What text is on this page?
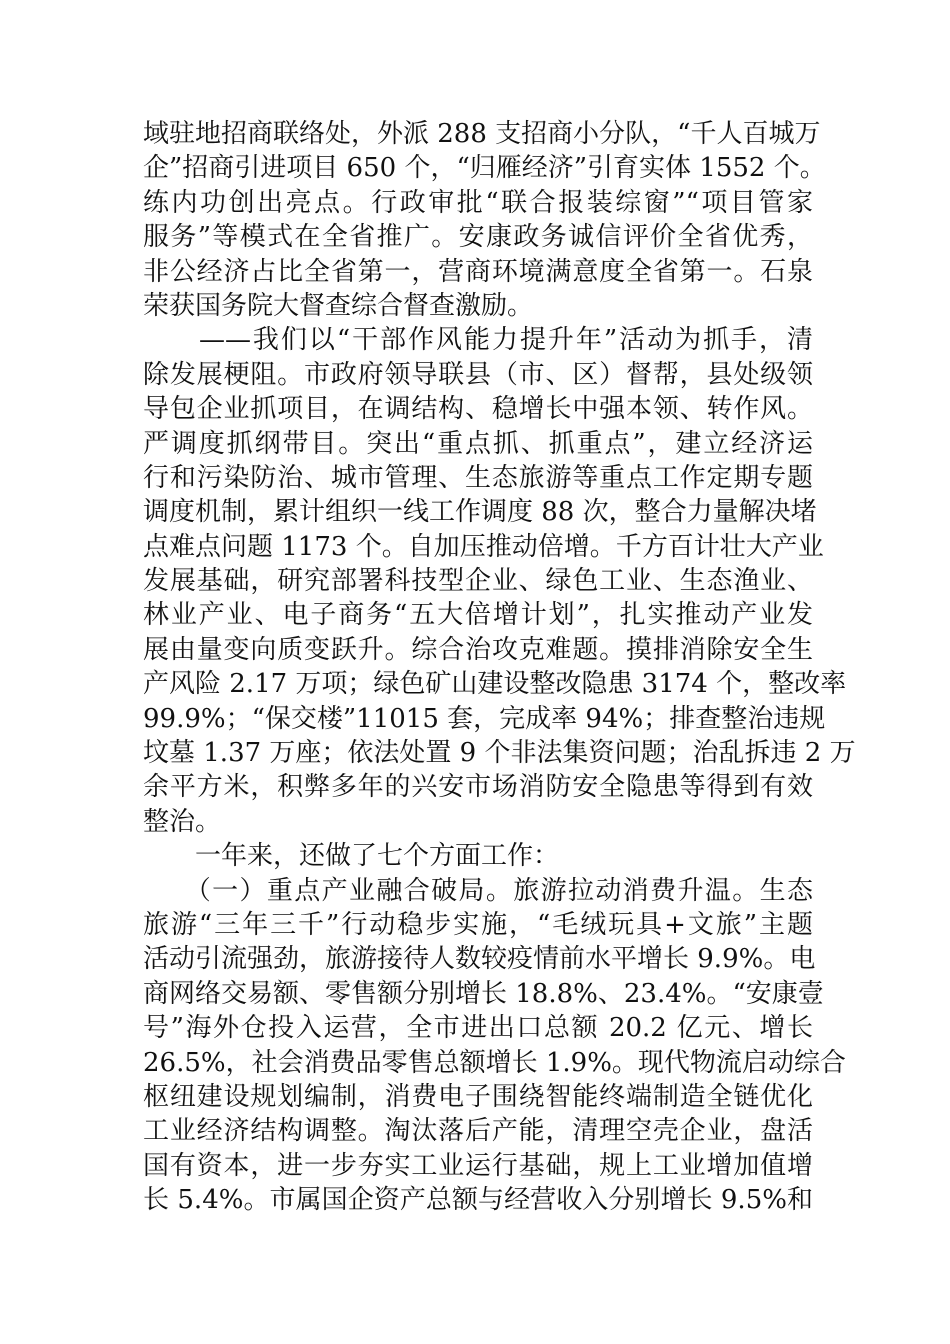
域驻地招商联络处，外派 288 支招商小分队，“千人百城万
企”招商引进项目 650 个，“归雁经济”引育实体 1552 个。
练内功创出亮点。行政审批“联合报装综窗”“项目管家
服务”等模式在全省推广。安康政务诚信评价全省优秀，
非公经济占比全省第一，营商环境满意度全省第一。石泉
荣获国务院大督查综合督查激励。
　　——我们以“干部作风能力提升年”活动为抓手，清
除发展梗阻。市政府领导联县（市、区）督帮，县处级领
导包企业抓项目，在调结构、稳增长中强本领、转作风。
严调度抓纲带目。突出“重点抓、抓重点”，建立经济运
行和污染防治、城市管理、生态旅游等重点工作定期专题
调度机制，累计组织一线工作调度 88 次，整合力量解决堵
点难点问题 1173 个。自加压推动倍增。千方百计壮大产业
发展基础，研究部署科技型企业、绿色工业、生态渔业、
林业产业、电子商务“五大倍增计划”，扎实推动产业发
展由量变向质变跃升。综合治攻克难题。摸排消除安全生
产风险 2.17 万项；绿色矿山建设整改隐患 3174 个，整改率
99.9%；“保交楼”11015 套，完成率 94%；排查整治违规
坟墓 1.37 万座；依法处置 9 个非法集资问题；治乱拆违 2 万
余平方米，积弊多年的兴安市场消防安全隐患等得到有效
整治。
　　一年来，还做了七个方面工作：
　　（一）重点产业融合破局。旅游拉动消费升温。生态
旅游“三年三千”行动稳步实施，“毛绒玩具+文旅”主题
活动引流强劲，旅游接待人数较疫情前水平增长 9.9%。电
商网络交易额、零售额分别增长 18.8%、23.4%。“安康壹
号”海外仓投入运营，全市进出口总额 20.2 亿元、增长
26.5%，社会消费品零售总额增长 1.9%。现代物流启动综合
枢纽建设规划编制，消费电子围绕智能终端制造全链优化
工业经济结构调整。淘汰落后产能，清理空壳企业，盘活
国有资本，进一步夯实工业运行基础，规上工业增加值增
长 5.4%。市属国企资产总额与经营收入分别增长 9.5%和
